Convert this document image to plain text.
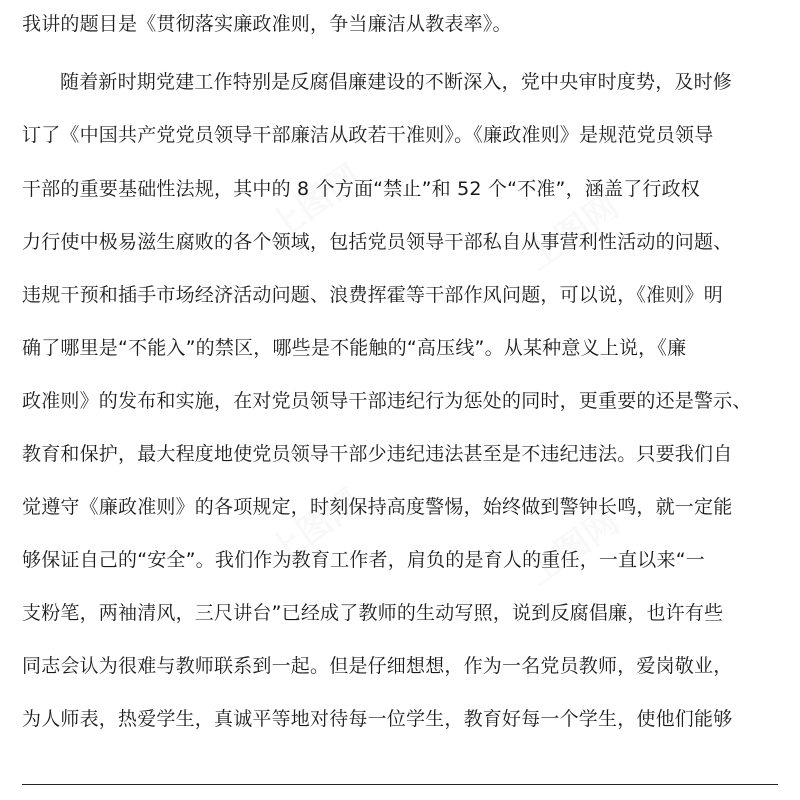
上图网	上图网
上图网	上图网
我讲的题目是《贯彻落实廉政准则，争当廉洁从教表率》。
随着新时期党建工作特别是反腐倡廉建设的不断深入，党中央审时度势，及时修
订了《中国共产党党员领导干部廉洁从政若干准则》。《廉政准则》是规范党员领导
干部的重要基础性法规，其中的 8 个方面“禁止”和 52 个“不准”，涵盖了行政权
力行使中极易滋生腐败的各个领域，包括党员领导干部私自从事营利性活动的问题、
违规干预和插手市场经济活动问题、浪费挥霍等干部作风问题，可以说，《准则》明
确了哪里是“不能入”的禁区，哪些是不能触的“高压线”。从某种意义上说，《廉
政准则》的发布和实施，在对党员领导干部违纪行为惩处的同时，更重要的还是警示、
教育和保护，最大程度地使党员领导干部少违纪违法甚至是不违纪违法。只要我们自
觉遵守《廉政准则》的各项规定，时刻保持高度警惕，始终做到警钟长鸣，就一定能
够保证自己的“安全”。我们作为教育工作者，肩负的是育人的重任，一直以来“一
支粉笔，两袖清风，三尺讲台”已经成了教师的生动写照，说到反腐倡廉，也许有些
同志会认为很难与教师联系到一起。但是仔细想想，作为一名党员教师，爱岗敬业，
为人师表，热爱学生，真诚平等地对待每一位学生，教育好每一个学生，使他们能够
